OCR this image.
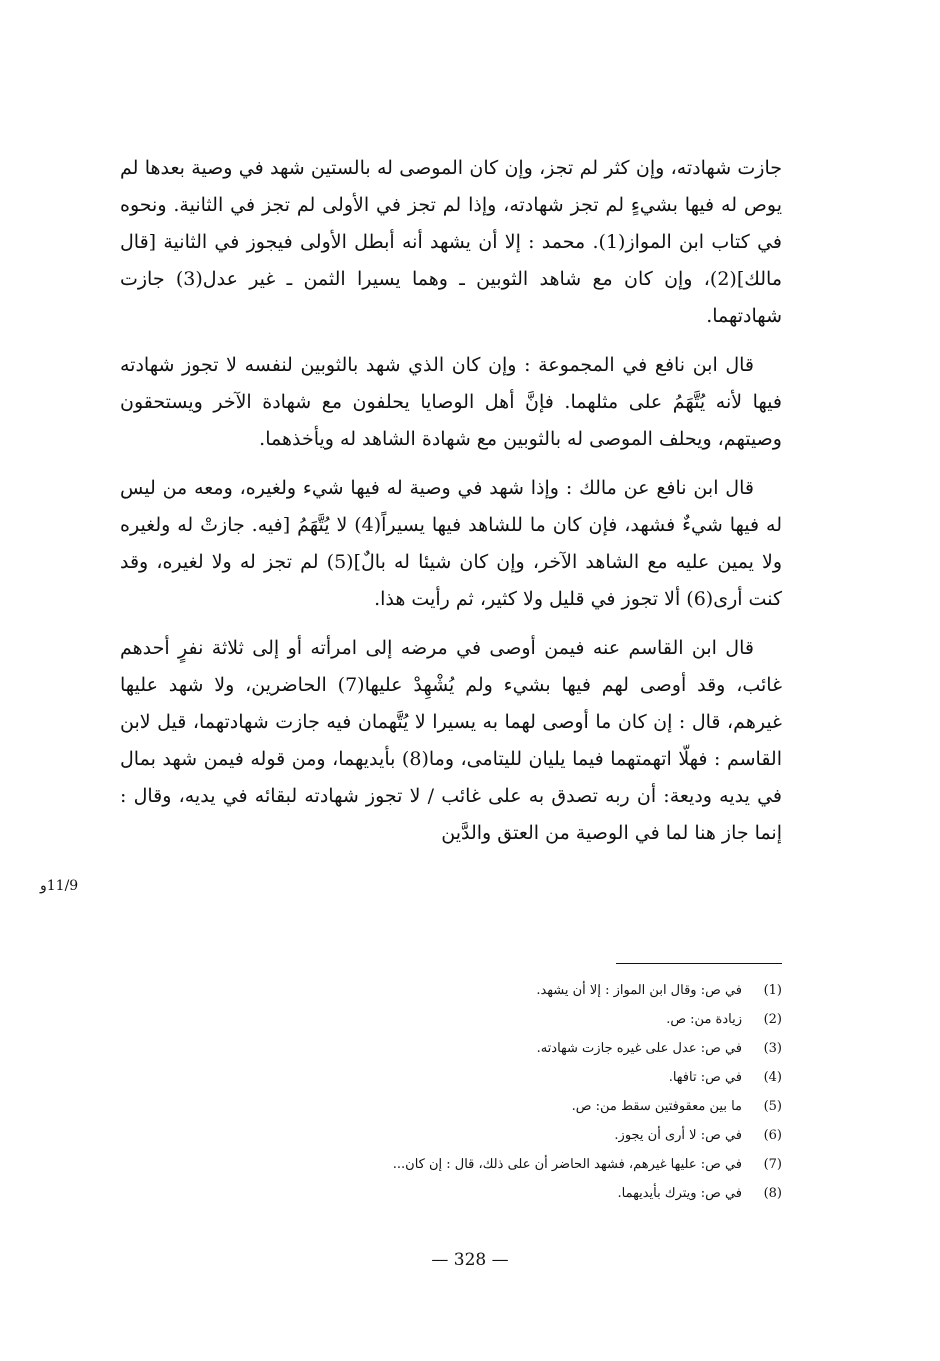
جازت شهادته، وإن كثر لم تجز، وإن كان الموصى له بالستين شهد في وصية بعدها لم يوص له فيها بشيءٍ لم تجز شهادته، وإذا لم تجز في الأولى لم تجز في الثانية. ونحوه في كتاب ابن المواز(1). محمد : إلا أن يشهد أنه أبطل الأولى فيجوز في الثانية [قال مالك](2)، وإن كان مع شاهد الثوبين ـ وهما يسيرا الثمن ـ غير عدل(3) جازت شهادتهما.

قال ابن نافع في المجموعة : وإن كان الذي شهد بالثوبين لنفسه لا تجوز شهادته فيها لأنه يُتَّهَمُ على مثلهما. فإنَّ أهل الوصايا يحلفون مع شهادة الآخر ويستحقون وصيتهم، ويحلف الموصى له بالثوبين مع شهادة الشاهد له ويأخذهما.

قال ابن نافع عن مالك : وإذا شهد في وصية له فيها شيء ولغيره، ومعه من ليس له فيها شيءٌ فشهد، فإن كان ما للشاهد فيها يسيراً(4) لا يُتَّهَمُ [فيه. جازتْ له ولغيره ولا يمين عليه مع الشاهد الآخر، وإن كان شيئا له بالٌ](5) لم تجز له ولا لغيره، وقد كنت أرى(6) ألا تجوز في قليل ولا كثير، ثم رأيت هذا.

قال ابن القاسم عنه فيمن أوصى في مرضه إلى امرأته أو إلى ثلاثة نفرٍ أحدهم غائب، وقد أوصى لهم فيها بشيء ولم يُشْهِدْ عليها(7) الحاضرين، ولا شهد عليها غيرهم، قال : إن كان ما أوصى لهما به يسيرا لا يُتَّهمان فيه جازت شهادتهما، قيل لابن القاسم : فهلّا اتهمتهما فيما يليان لليتامى، وما(8) بأيديهما، ومن قوله فيمن شهد بمال في يديه وديعة: أن ربه تصدق به على غائب / لا تجوز شهادته لبقائه في يديه، وقال : إنما جاز هنا لما في الوصية من العتق والدَّين

11/9و
(1)
في ص: وقال ابن المواز : إلا أن يشهد.
(2)
زيادة من: ص.
(3)
في ص: عدل على غيره جازت شهادته.
(4)
في ص: تافها.
(5)
ما بين معقوفتين سقط من: ص.
(6)
في ص: لا أرى أن يجوز.
(7)
في ص: عليها غيرهم، فشهد الحاضر أن على ذلك، قال : إن كان...
(8)
في ص: ويترك بأيديهما.
— 328 —
